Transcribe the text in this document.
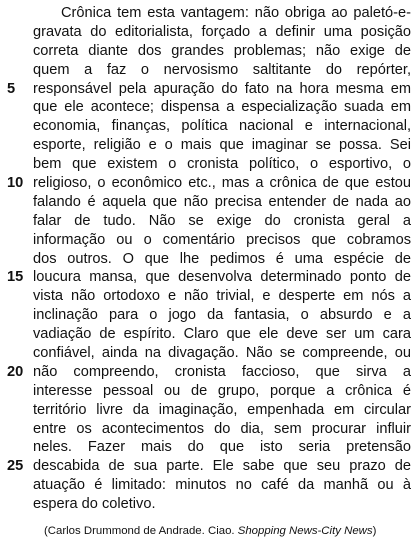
Crônica tem esta vantagem: não obriga ao paletó-e-
gravata do editorialista, forçado a definir uma posição
correta diante dos grandes problemas; não exige de
quem a faz o nervosismo saltitante do repórter,
5	responsável pela apuração do fato na hora mesma em
que ele acontece; dispensa a especialização suada em
economia, finanças, política nacional e internacional,
esporte, religião e o mais que imaginar se possa. Sei
bem que existem o cronista político, o esportivo, o
10 religioso, o econômico etc., mas a crônica de que estou
falando é aquela que não precisa entender de nada ao
falar de tudo. Não se exige do cronista geral a
informação ou o comentário precisos que cobramos
dos outros. O que lhe pedimos é uma espécie de
15 loucura mansa, que desenvolva determinado ponto de
vista não ortodoxo e não trivial, e desperte em nós a
inclinação para o jogo da fantasia, o absurdo e a
vadiação de espírito. Claro que ele deve ser um cara
confiável, ainda na divagação. Não se compreende, ou
20 não compreendo, cronista faccioso, que sirva a
interesse pessoal ou de grupo, porque a crônica é
território livre da imaginação, empenhada em circular
entre os acontecimentos do dia, sem procurar influir
neles. Fazer mais do que isto seria pretensão
25 descabida de sua parte. Ele sabe que seu prazo de
atuação é limitado: minutos no café da manhã ou à
espera do coletivo.
(Carlos Drummond de Andrade. Ciao. Shopping News-City News)
